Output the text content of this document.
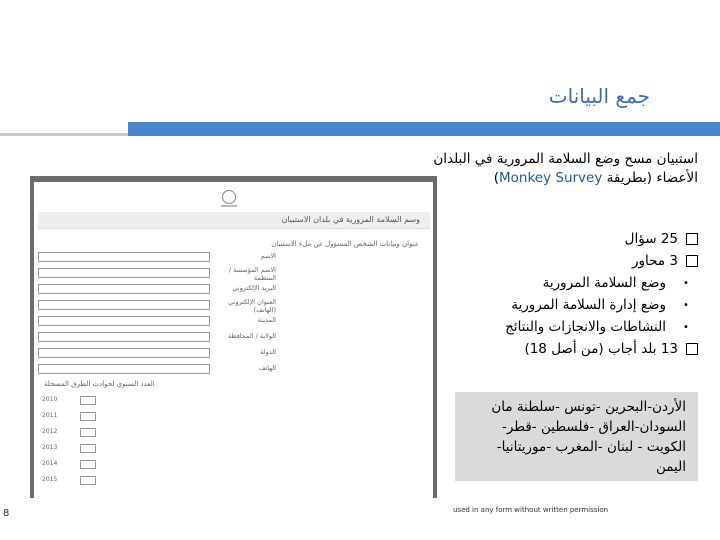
جمع البيانات
استبيان مسح وضع السلامة المرورية في البلدان
الأعضاء (بطريقة Monkey Survey)
وسم السلامة المرورية في بلدان الاستبيان
عنوان وبيانات الشخص المسؤول عن ملء الاستبيان
الاسم
الاسم المؤسسة / المنظمة
البريد الإلكتروني
العنوان الإلكتروني (الهاتف)
المدينة
الولاية / المحافظة
الدولة
الهاتف
العدد السنوي لحوادث الطرق المسجلة
2010
2011
2012
2013
2014
2015
25 سؤال
3 محاور
•
وضع السلامة المرورية
•
وضع إدارة السلامة المرورية
•
النشاطات والانجازات والنتائج
13 بلد أجاب (من أصل 18)
الأردن-البحرين -تونس -سلطنة مان السودان-العراق -فلسطين -قطر- الكويت - لبنان -المغرب -موريتانيا- اليمن
used in any form without written permission
8
